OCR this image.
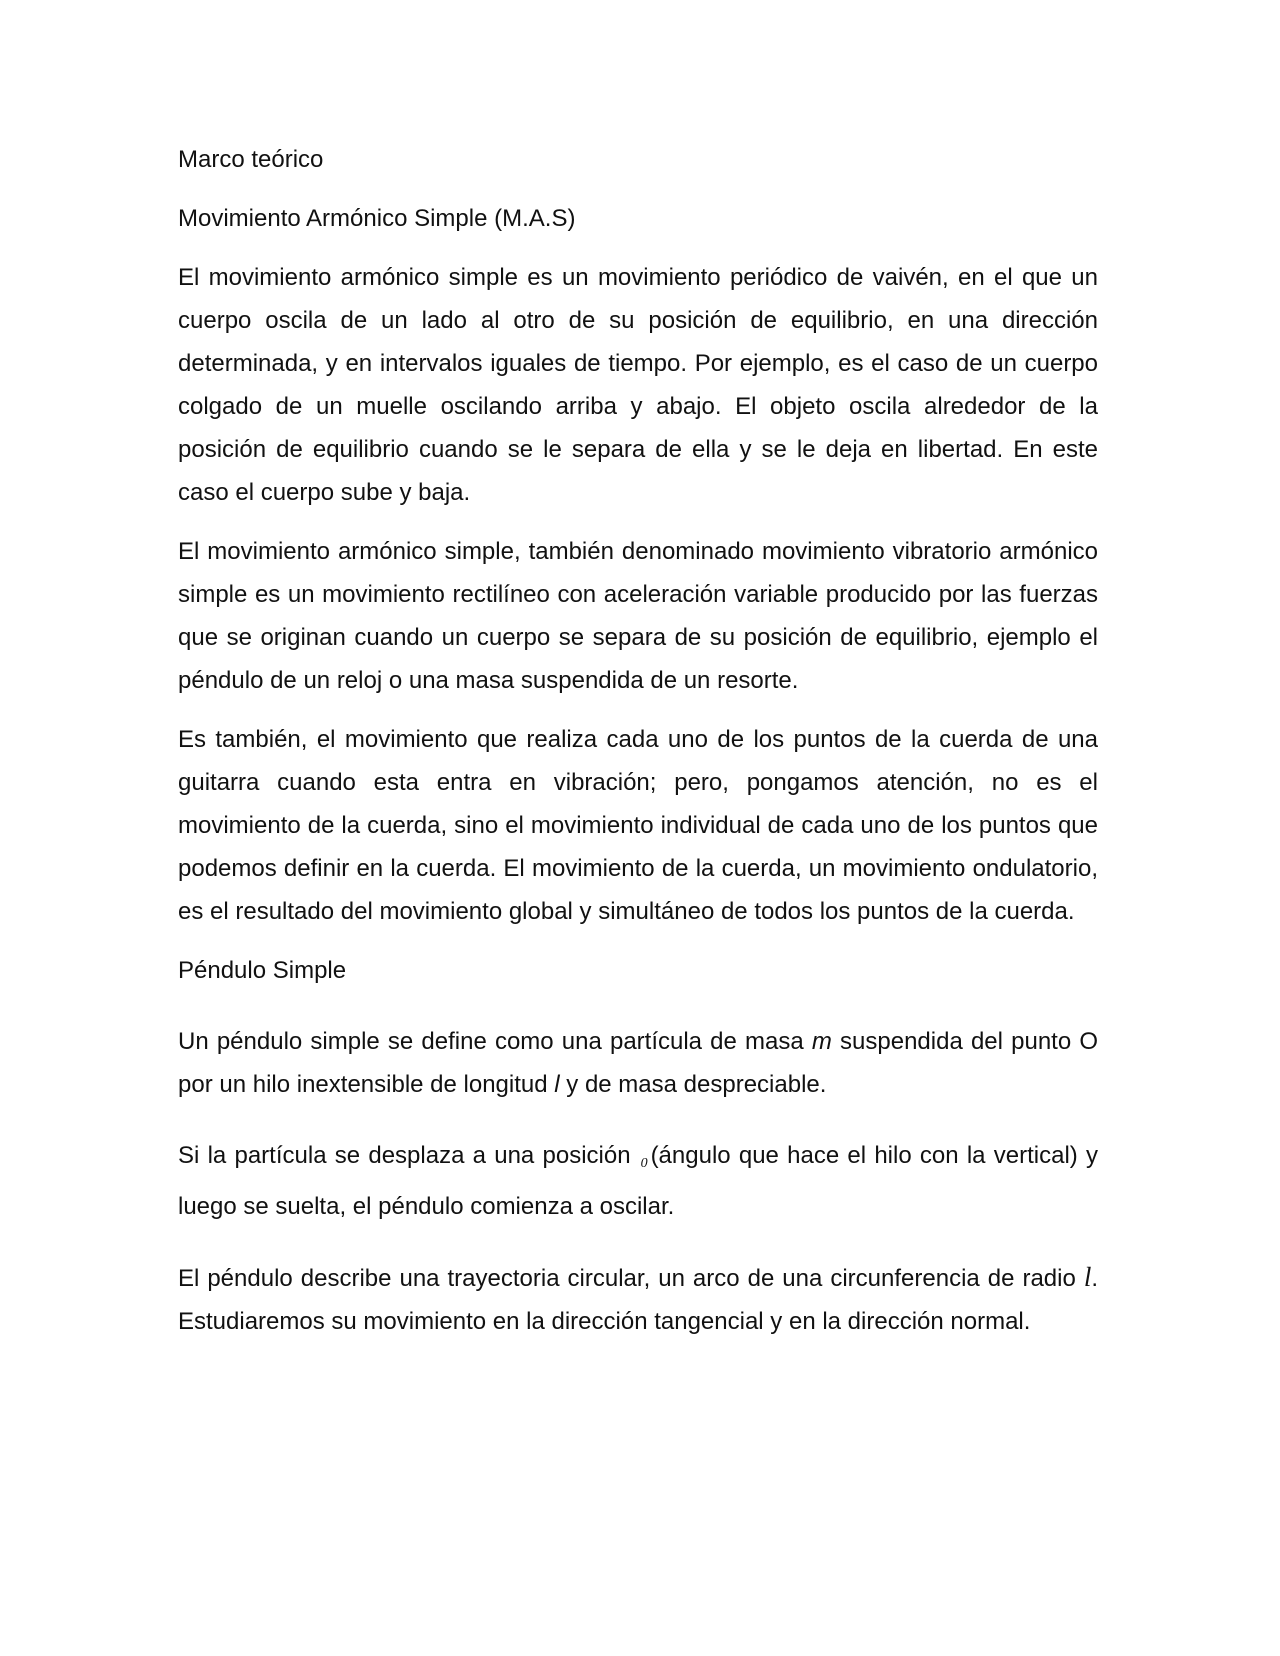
Marco teórico

Movimiento Armónico Simple (M.A.S)

El movimiento armónico simple es un movimiento periódico de vaivén, en el que un cuerpo oscila de un lado al otro de su posición de equilibrio, en una dirección determinada, y en intervalos iguales de tiempo. Por ejemplo, es el caso de un cuerpo colgado de un muelle oscilando arriba y abajo. El objeto oscila alrededor de la posición de equilibrio cuando se le separa de ella y se le deja en libertad. En este caso el cuerpo sube y baja.

El movimiento armónico simple, también denominado movimiento vibratorio armónico simple es un movimiento rectilíneo con aceleración variable producido por las fuerzas que se originan cuando un cuerpo se separa de su posición de equilibrio, ejemplo el péndulo de un reloj o una masa suspendida de un resorte.

Es también, el movimiento que realiza cada uno de los puntos de la cuerda de una guitarra cuando esta entra en vibración; pero, pongamos atención, no es el movimiento de la cuerda, sino el movimiento individual de cada uno de los puntos que podemos definir en la cuerda. El movimiento de la cuerda, un movimiento ondulatorio, es el resultado del movimiento global y simultáneo de todos los puntos de la cuerda.

Péndulo Simple

Un péndulo simple se define como una partícula de masa m suspendida del punto O por un hilo inextensible de longitud l y de masa despreciable.

Si la partícula se desplaza a una posición 0 (ángulo que hace el hilo con la vertical) y luego se suelta, el péndulo comienza a oscilar.

El péndulo describe una trayectoria circular, un arco de una circunferencia de radio l. Estudiaremos su movimiento en la dirección tangencial y en la dirección normal.
